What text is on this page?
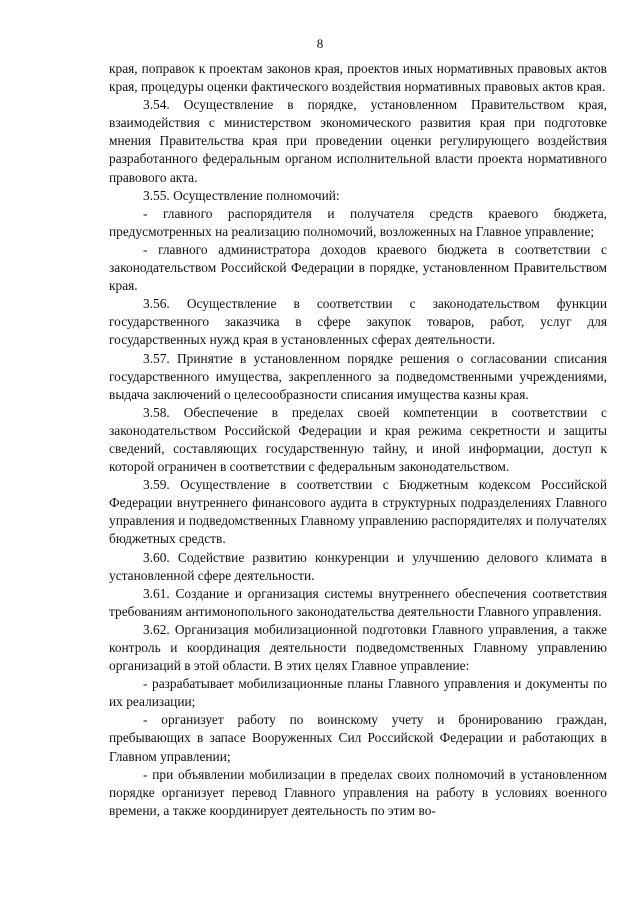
8

края, поправок к проектам законов края, проектов иных нормативных правовых актов края, процедуры оценки фактического воздействия нормативных правовых актов края.

3.54. Осуществление в порядке, установленном Правительством края, взаимодействия с министерством экономического развития края при подготовке мнения Правительства края при проведении оценки регулирующего воздействия разработанного федеральным органом исполнительной власти проекта нормативного правового акта.

3.55. Осуществление полномочий:

- главного распорядителя и получателя средств краевого бюджета, предусмотренных на реализацию полномочий, возложенных на Главное управление;

- главного администратора доходов краевого бюджета в соответствии с законодательством Российской Федерации в порядке, установленном Правительством края.

3.56. Осуществление в соответствии с законодательством функции государственного заказчика в сфере закупок товаров, работ, услуг для государственных нужд края в установленных сферах деятельности.

3.57. Принятие в установленном порядке решения о согласовании списания государственного имущества, закрепленного за подведомственными учреждениями, выдача заключений о целесообразности списания имущества казны края.

3.58. Обеспечение в пределах своей компетенции в соответствии с законодательством Российской Федерации и края режима секретности и защиты сведений, составляющих государственную тайну, и иной информации, доступ к которой ограничен в соответствии с федеральным законодательством.

3.59. Осуществление в соответствии с Бюджетным кодексом Российской Федерации внутреннего финансового аудита в структурных подразделениях Главного управления и подведомственных Главному управлению распорядителях и получателях бюджетных средств.

3.60. Содействие развитию конкуренции и улучшению делового климата в установленной сфере деятельности.

3.61. Создание и организация системы внутреннего обеспечения соответствия требованиям антимонопольного законодательства деятельности Главного управления.

3.62. Организация мобилизационной подготовки Главного управления, а также контроль и координация деятельности подведомственных Главному управлению организаций в этой области. В этих целях Главное управление:

- разрабатывает мобилизационные планы Главного управления и документы по их реализации;

- организует работу по воинскому учету и бронированию граждан, пребывающих в запасе Вооруженных Сил Российской Федерации и работающих в Главном управлении;

- при объявлении мобилизации в пределах своих полномочий в установленном порядке организует перевод Главного управления на работу в условиях военного времени, а также координирует деятельность по этим во-
